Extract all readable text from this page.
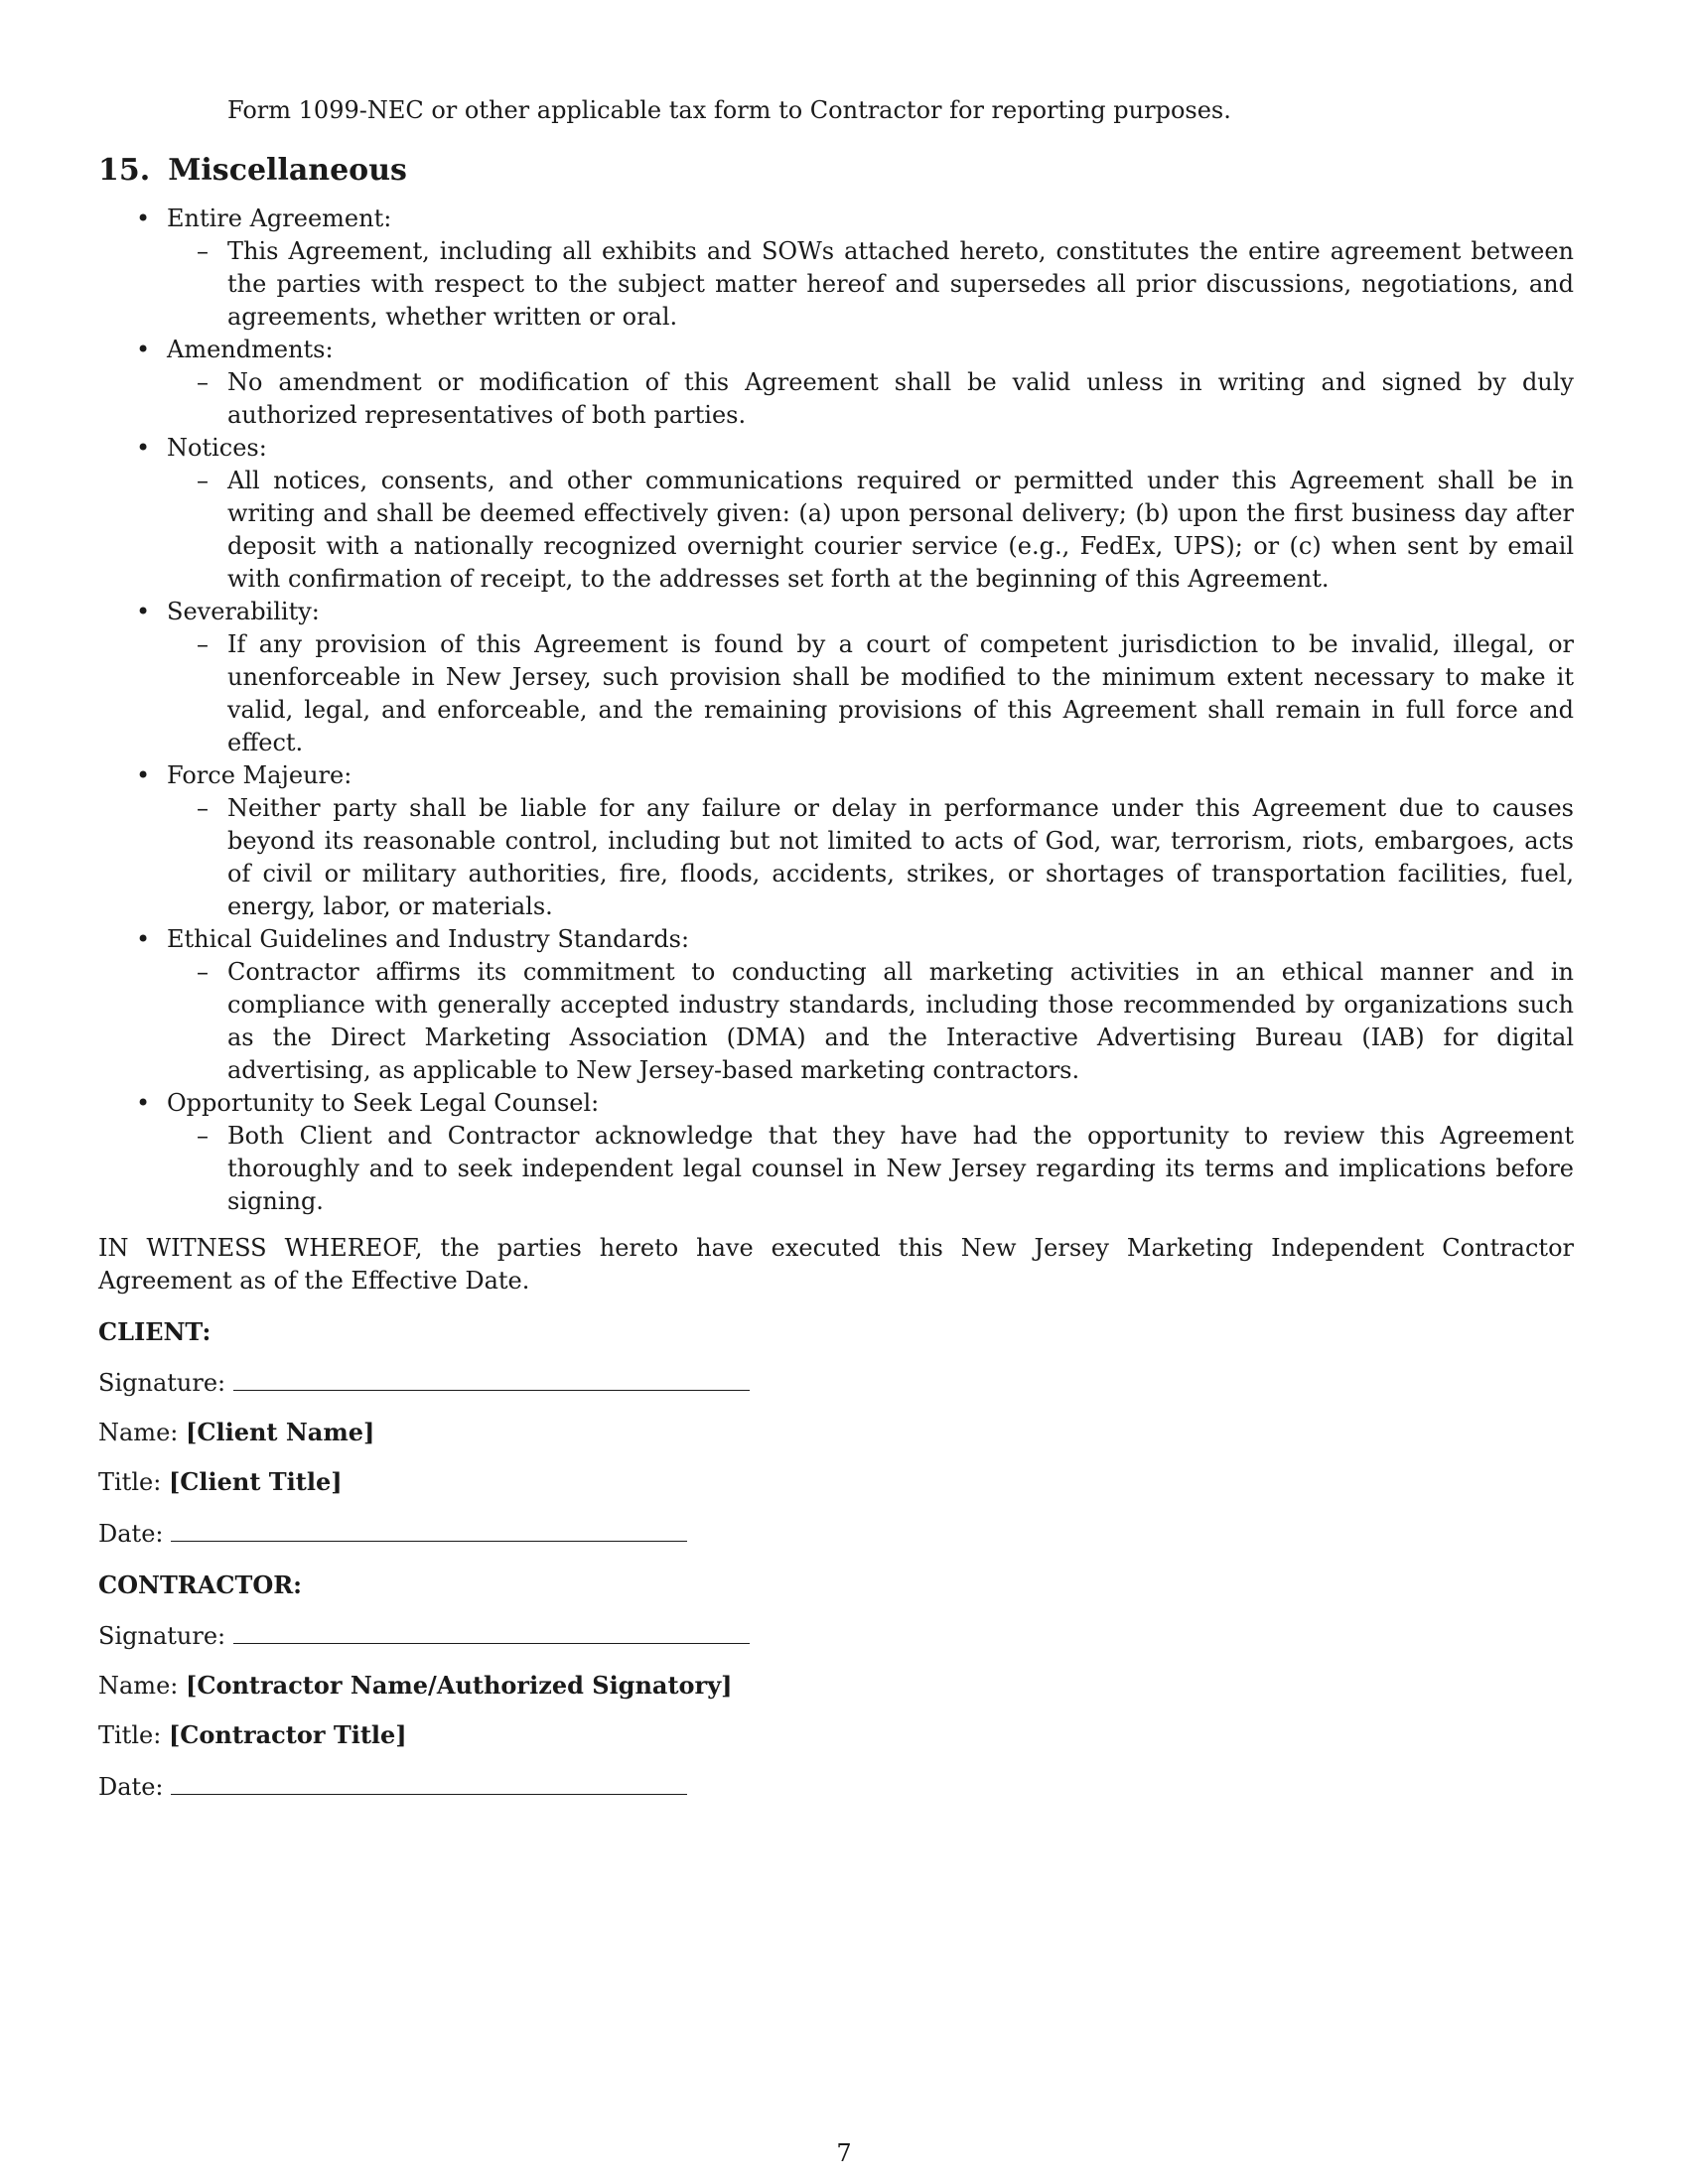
Form 1099-NEC or other applicable tax form to Contractor for reporting purposes.
15. Miscellaneous
• Entire Agreement:
– This Agreement, including all exhibits and SOWs attached hereto, constitutes the entire agreement between the parties with respect to the subject matter hereof and supersedes all prior discussions, negotiations, and agreements, whether written or oral.
• Amendments:
– No amendment or modification of this Agreement shall be valid unless in writing and signed by duly authorized representatives of both parties.
• Notices:
– All notices, consents, and other communications required or permitted under this Agreement shall be in writing and shall be deemed effectively given: (a) upon personal delivery; (b) upon the first business day after deposit with a nationally recognized overnight courier service (e.g., FedEx, UPS); or (c) when sent by email with confirmation of receipt, to the addresses set forth at the beginning of this Agreement.
• Severability:
– If any provision of this Agreement is found by a court of competent jurisdiction to be invalid, illegal, or unenforceable in New Jersey, such provision shall be modified to the minimum extent necessary to make it valid, legal, and enforceable, and the remaining provisions of this Agreement shall remain in full force and effect.
• Force Majeure:
– Neither party shall be liable for any failure or delay in performance under this Agreement due to causes beyond its reasonable control, including but not limited to acts of God, war, terrorism, riots, embargoes, acts of civil or military authorities, fire, floods, accidents, strikes, or shortages of transportation facilities, fuel, energy, labor, or materials.
• Ethical Guidelines and Industry Standards:
– Contractor affirms its commitment to conducting all marketing activities in an ethical manner and in compliance with generally accepted industry standards, including those recommended by organizations such as the Direct Marketing Association (DMA) and the Interactive Advertising Bureau (IAB) for digital advertising, as applicable to New Jersey-based marketing contractors.
• Opportunity to Seek Legal Counsel:
– Both Client and Contractor acknowledge that they have had the opportunity to review this Agreement thoroughly and to seek independent legal counsel in New Jersey regarding its terms and implications before signing.

IN WITNESS WHEREOF, the parties hereto have executed this New Jersey Marketing Independent Contractor Agreement as of the Effective Date.

CLIENT:
Signature:
Name: [Client Name]
Title: [Client Title]
Date:
CONTRACTOR:
Signature:
Name: [Contractor Name/Authorized Signatory]
Title: [Contractor Title]
Date:
7
